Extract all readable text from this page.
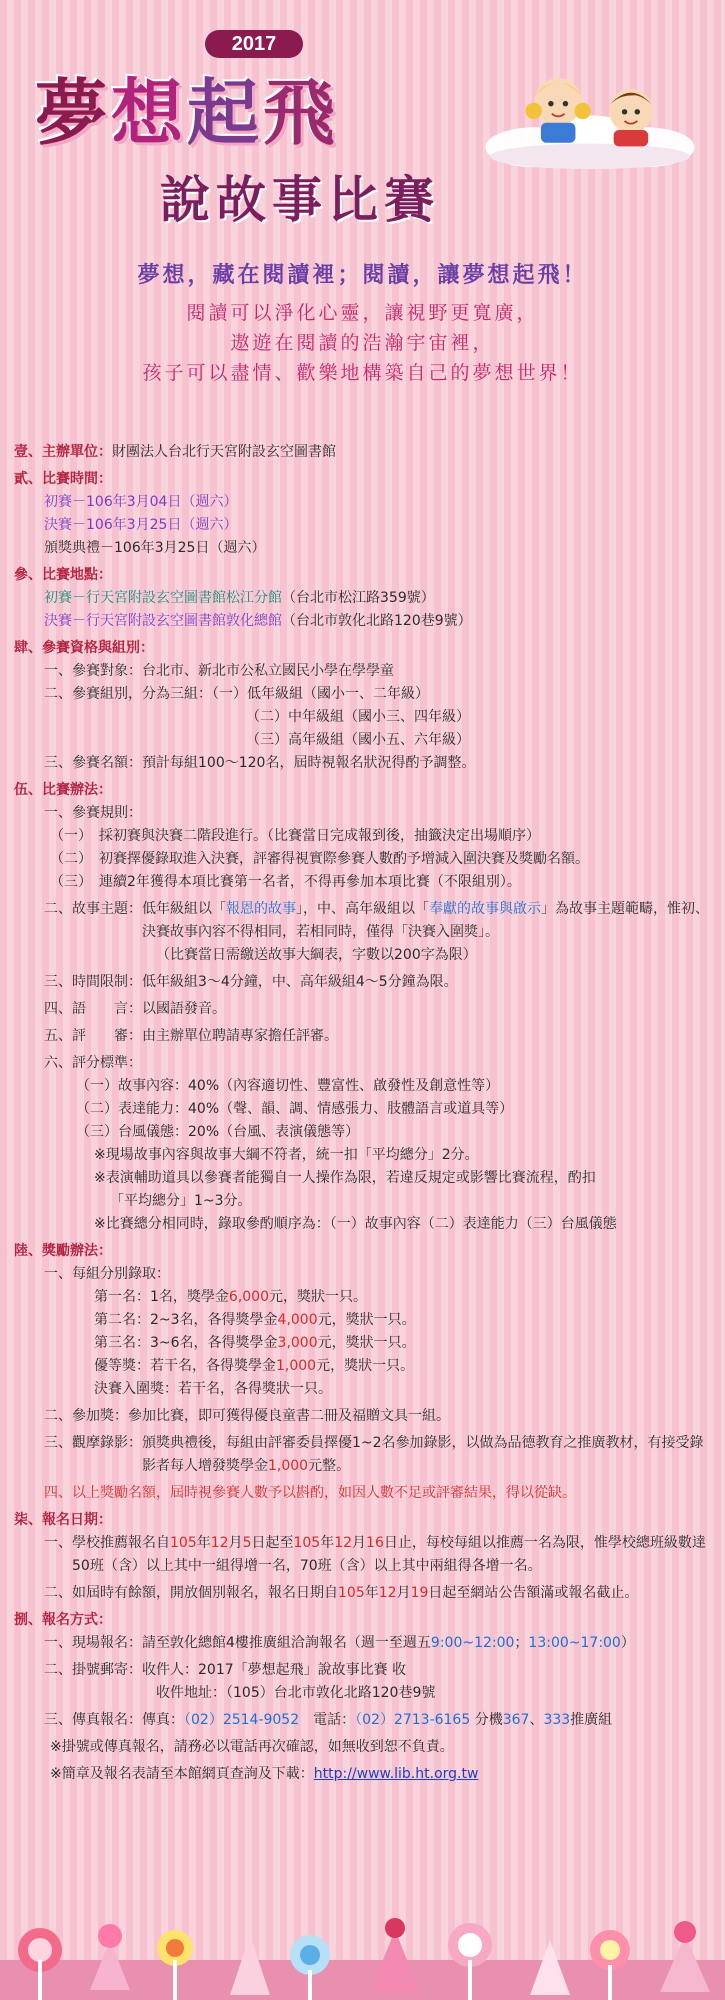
2017
夢想起飛
說故事比賽
夢想，藏在閱讀裡；閱讀，讓夢想起飛！
閱讀可以淨化心靈，讓視野更寬廣，
遨遊在閱讀的浩瀚宇宙裡，
孩子可以盡情、歡樂地構築自己的夢想世界！
壹、主辦單位：財團法人台北行天宮附設玄空圖書館
貳、比賽時間：
初賽－106年3月04日（週六）
決賽－106年3月25日（週六）
頒獎典禮－106年3月25日（週六）
參、比賽地點：
初賽－行天宮附設玄空圖書館松江分館（台北市松江路359號）
決賽－行天宮附設玄空圖書館敦化總館（台北市敦化北路120巷9號）
肆、參賽資格與組別：
一、參賽對象：台北市、新北市公私立國民小學在學學童
二、參賽組別，分為三組：（一）低年級組（國小一、二年級）
（二）中年級組（國小三、四年級）
（三）高年級組（國小五、六年級）
三、參賽名額：預計每組100～120名，屆時視報名狀況得酌予調整。
伍、比賽辦法：
一、參賽規則：
（一）　採初賽與決賽二階段進行。（比賽當日完成報到後，抽籤決定出場順序）
（二）　初賽擇優錄取進入決賽，評審得視實際參賽人數酌予增減入圍決賽及獎勵名額。
（三）　連續2年獲得本項比賽第一名者，不得再參加本項比賽（不限組別）。
二、故事主題： 低年級組以「報恩的故事」，中、高年級組以「奉獻的故事與啟示」為故事主題範疇，惟初、決賽故事內容不得相同，若相同時，僅得「決賽入圍獎」。
（比賽當日需繳送故事大綱表，字數以200字為限）
三、時間限制：低年級組3～4分鐘，中、高年級組4～5分鐘為限。
四、語　　言：以國語發音。
五、評　　審：由主辦單位聘請專家擔任評審。
六、評分標準：
（一）故事內容：40%（內容適切性、豐富性、啟發性及創意性等）
（二）表達能力：40%（聲、韻、調、情感張力、肢體語言或道具等）
（三）台風儀態：20%（台風、表演儀態等）
※現場故事內容與故事大綱不符者，統一扣「平均總分」2分。
※表演輔助道具以參賽者能獨自一人操作為限，若違反規定或影響比賽流程，酌扣
「平均總分」1~3分。
※比賽總分相同時，錄取參酌順序為：（一）故事內容（二）表達能力（三）台風儀態
陸、獎勵辦法：
一、每組分別錄取：
第一名：1名，獎學金6,000元，獎狀一只。
第二名：2~3名，各得獎學金4,000元，獎狀一只。
第三名：3~6名，各得獎學金3,000元，獎狀一只。
優等獎：若干名，各得獎學金1,000元，獎狀一只。
決賽入圍獎：若干名，各得獎狀一只。
二、參加獎：參加比賽，即可獲得優良童書二冊及福贈文具一組。
三、觀摩錄影： 頒獎典禮後，每組由評審委員擇優1~2名參加錄影，以做為品德教育之推廣教材，有接受錄影者每人增發獎學金1,000元整。
四、以上獎勵名額，屆時視參賽人數予以斟酌，如因人數不足或評審結果，得以從缺。
柒、報名日期：
一、 學校推薦報名自105年12月5日起至105年12月16日止，每校每組以推薦一名為限，惟學校總班級數達50班（含）以上其中一組得增一名，70班（含）以上其中兩組得各增一名。
二、如屆時有餘額，開放個別報名，報名日期自105年12月19日起至網站公告額滿或報名截止。
捌、報名方式：
一、現場報名：請至敦化總館4樓推廣組洽詢報名（週一至週五9:00~12:00；13:00~17:00）
二、掛號郵寄：收件人：2017「夢想起飛」說故事比賽 收
收件地址：（105）台北市敦化北路120巷9號
三、傳真報名：傳真：（02）2514-9052　電話：（02）2713-6165 分機367、333推廣組
※掛號或傳真報名，請務必以電話再次確認，如無收到恕不負責。
※簡章及報名表請至本館網頁查詢及下載：http://www.lib.ht.org.tw
